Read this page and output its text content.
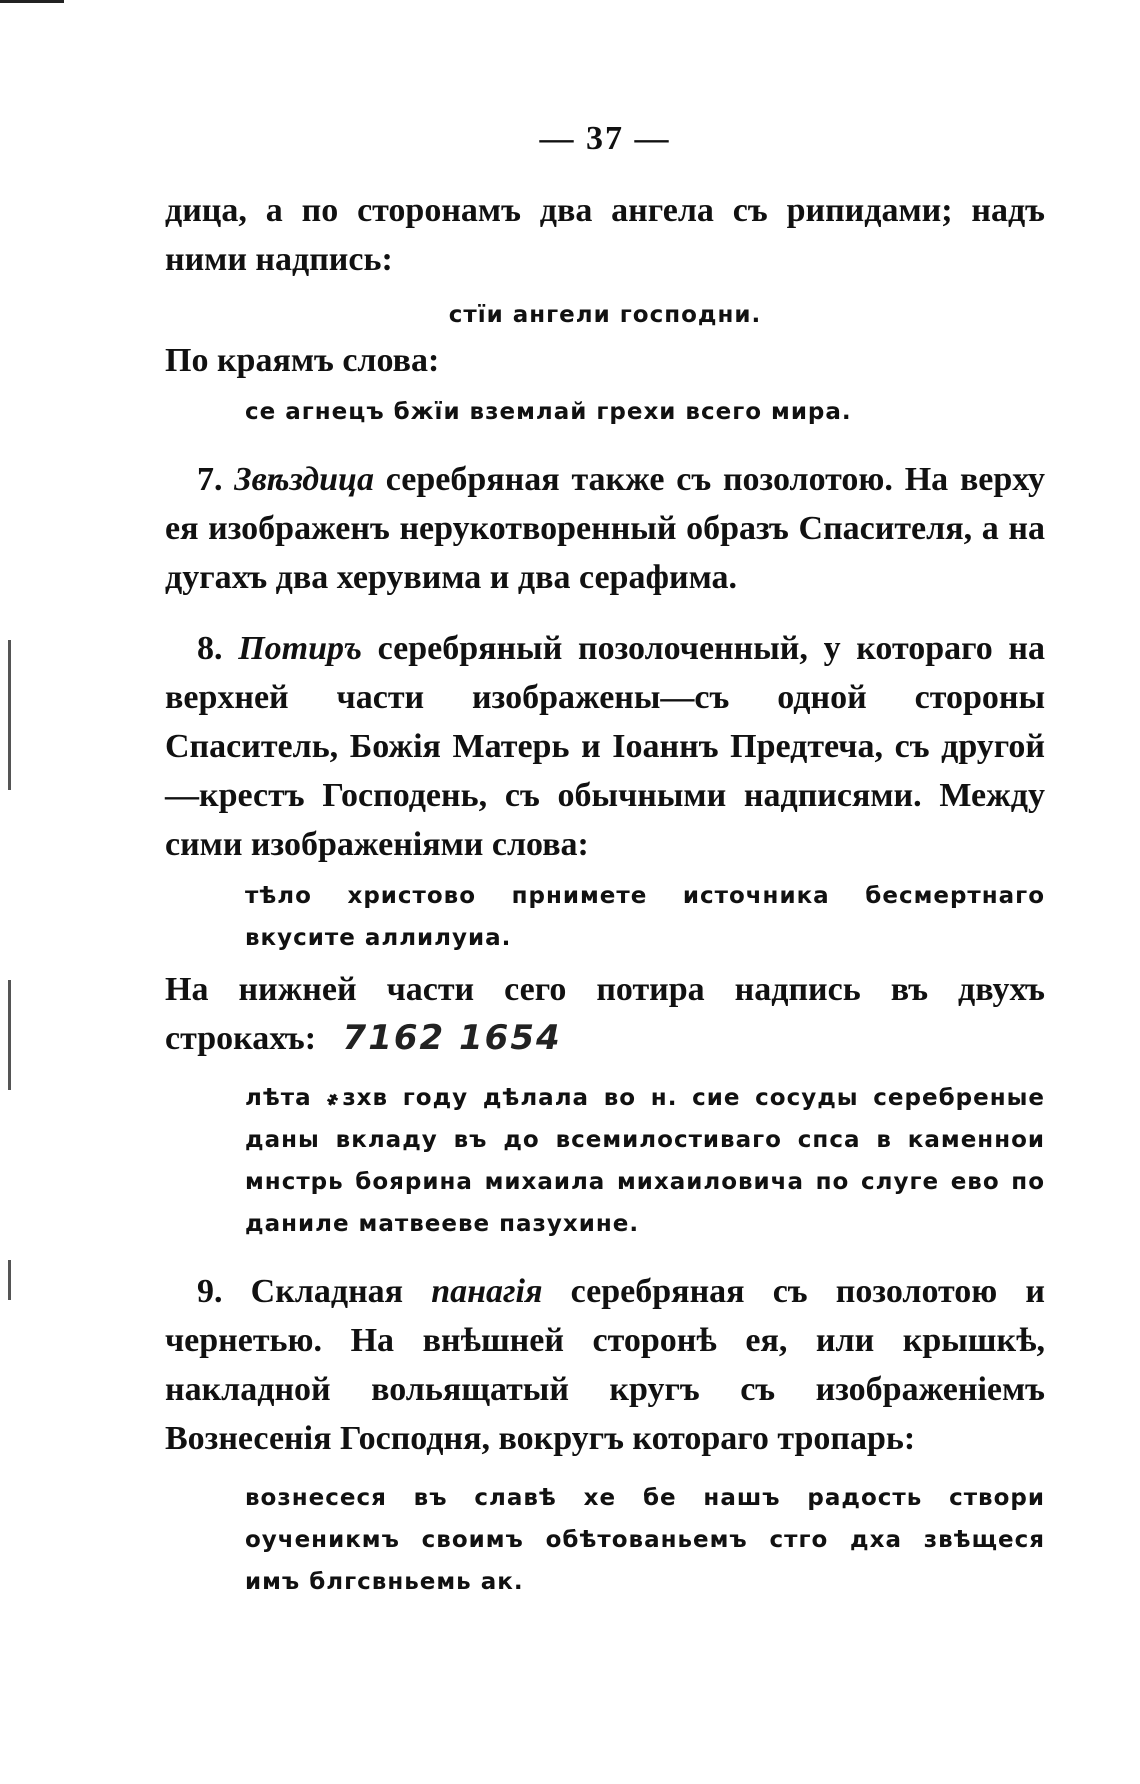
— 37 —

дица, а по сторонамъ два ангела съ рипидами; надъ ними надпись:

стїи ангели господни.

По краямъ слова:

се агнецъ бжїи вземлай грехи всего мира.

7. Звѣздица серебряная также съ позолотою. На верху ея изображенъ нерукотворенный образъ Спасителя, а на дугахъ два херувима и два серафима.

8. Потиръ серебряный позолоченный, у котораго на верхней части изображены—съ одной стороны Спаситель, Божія Матерь и Іоаннъ Предтеча, съ другой—крестъ Господень, съ обычными надписями. Между сими изображеніями слова:

тѣло христово прнимете источника бесмертнаго вкусите аллилуиа.

На нижней части сего потира надпись въ двухъ строкахъ: 7162 1654

лѣта ҂зхв году дѣлала во н. сие сосуды серебреные даны вкладу въ до всемилостиваго спса в каменнои мнстрь боярина михаила михаиловича по слуге ево по даниле матвееве пазухине.

9. Складная панагія серебряная съ позолотою и чернетью. На внѣшней сторонѣ ея, или крышкѣ, накладной вольящатый кругъ съ изображеніемъ Вознесенія Господня, вокругъ котораго тропарь:

вознесеся въ славѣ хе бе нашъ радость створи оученикмъ своимъ обѣтованьемъ стго дха звѣщеся имъ блгсвньемь ак.
